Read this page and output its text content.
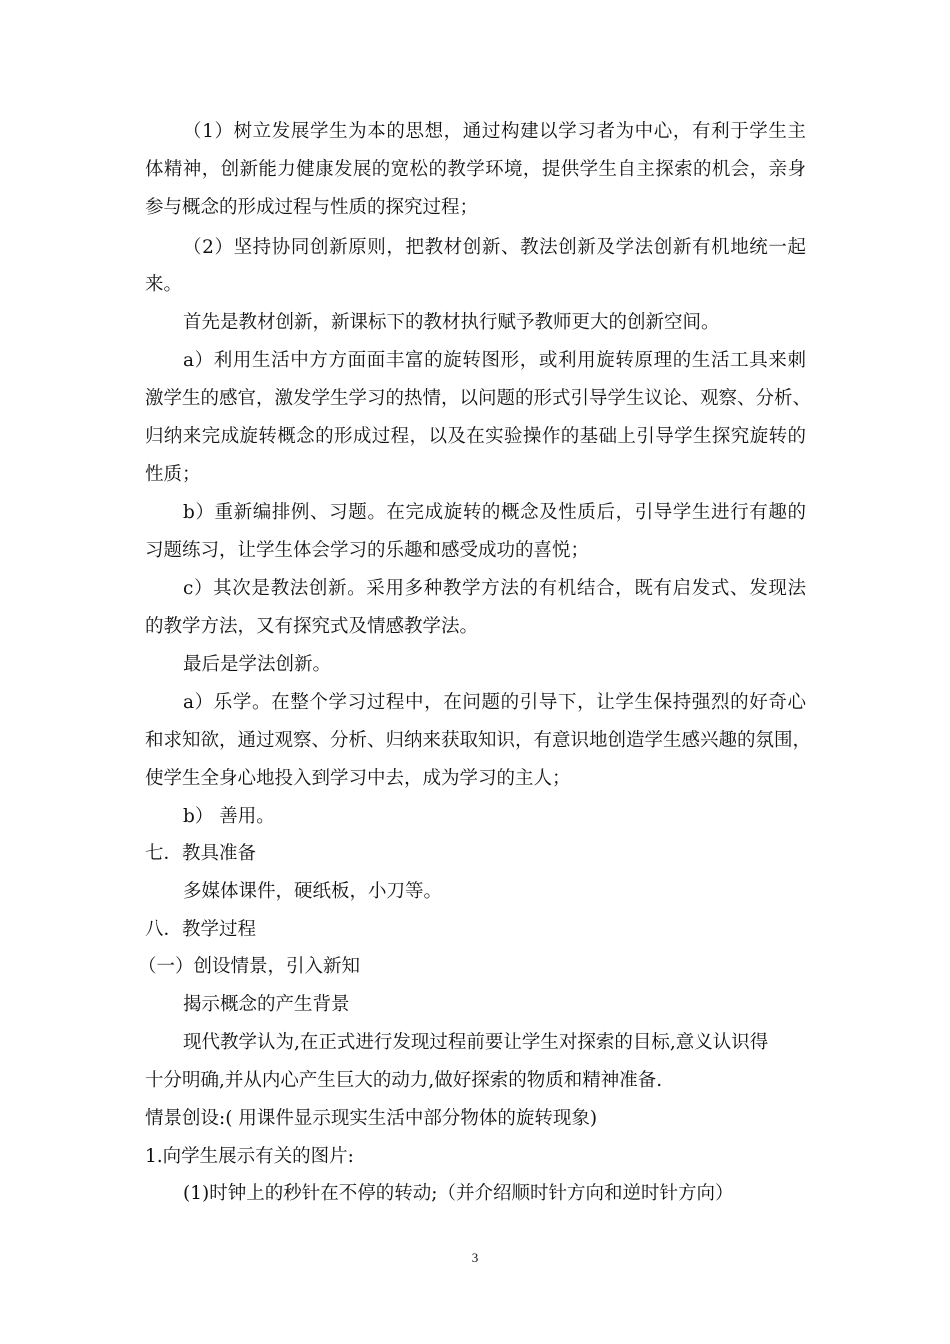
（1）树立发展学生为本的思想，通过构建以学习者为中心，有利于学生主
体精神，创新能力健康发展的宽松的教学环境，提供学生自主探索的机会，亲身
参与概念的形成过程与性质的探究过程；
（2）坚持协同创新原则，把教材创新、教法创新及学法创新有机地统一起
来。
首先是教材创新，新课标下的教材执行赋予教师更大的创新空间。
a）利用生活中方方面面丰富的旋转图形，或利用旋转原理的生活工具来刺
激学生的感官，激发学生学习的热情，以问题的形式引导学生议论、观察、分析、
归纳来完成旋转概念的形成过程，以及在实验操作的基础上引导学生探究旋转的
性质；
b）重新编排例、习题。在完成旋转的概念及性质后，引导学生进行有趣的
习题练习，让学生体会学习的乐趣和感受成功的喜悦；
c）其次是教法创新。采用多种教学方法的有机结合，既有启发式、发现法
的教学方法，又有探究式及情感教学法。
最后是学法创新。
a）乐学。在整个学习过程中，在问题的引导下，让学生保持强烈的好奇心
和求知欲，通过观察、分析、归纳来获取知识，有意识地创造学生感兴趣的氛围，
使学生全身心地投入到学习中去，成为学习的主人；
b） 善用。
七．教具准备
多媒体课件，硬纸板，小刀等。
八．教学过程
（一）创设情景，引入新知
揭示概念的产生背景
现代教学认为,在正式进行发现过程前要让学生对探索的目标,意义认识得
十分明确,并从内心产生巨大的动力,做好探索的物质和精神准备.
情景创设:( 用课件显示现实生活中部分物体的旋转现象)
1.向学生展示有关的图片:
(1)时钟上的秒针在不停的转动;（并介绍顺时针方向和逆时针方向）
3
